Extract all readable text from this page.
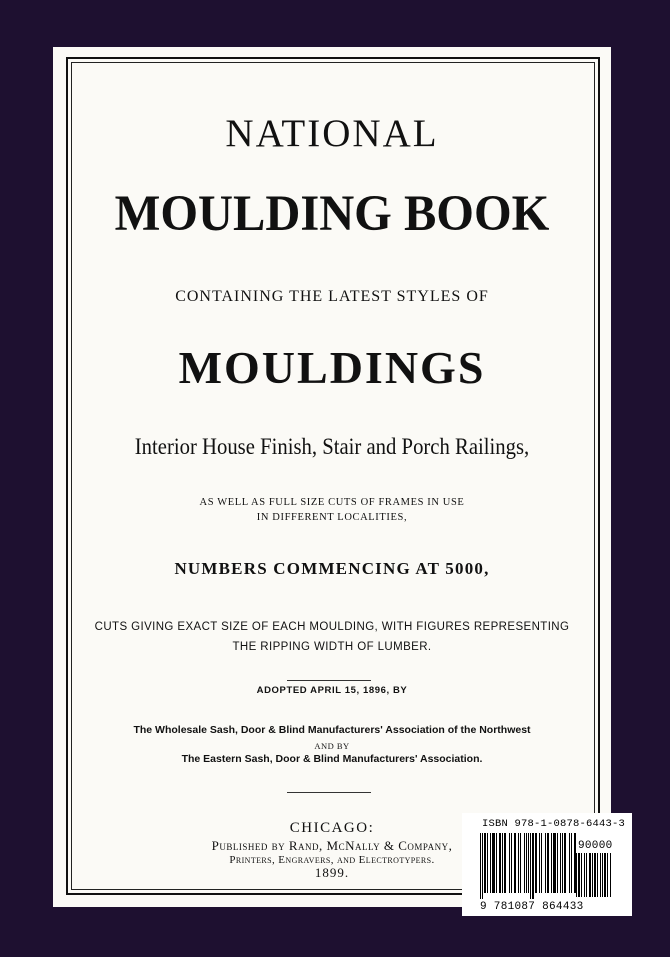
NATIONAL
MOULDING BOOK
CONTAINING THE LATEST STYLES OF
MOULDINGS
Interior House Finish, Stair and Porch Railings,
AS WELL AS FULL SIZE CUTS OF FRAMES IN USE
IN DIFFERENT LOCALITIES,
NUMBERS COMMENCING AT 5000,
CUTS GIVING EXACT SIZE OF EACH MOULDING, WITH FIGURES REPRESENTING
THE RIPPING WIDTH OF LUMBER.
ADOPTED APRIL 15, 1896, BY
The Wholesale Sash, Door & Blind Manufacturers' Association of the Northwest
AND BY
The Eastern Sash, Door & Blind Manufacturers' Association.
CHICAGO:
Published by Rand, McNally & Company,
Printers, Engravers, and Electrotypers.
1899.
ISBN 978-1-0878-6443-3
90000
9 781087 864433
